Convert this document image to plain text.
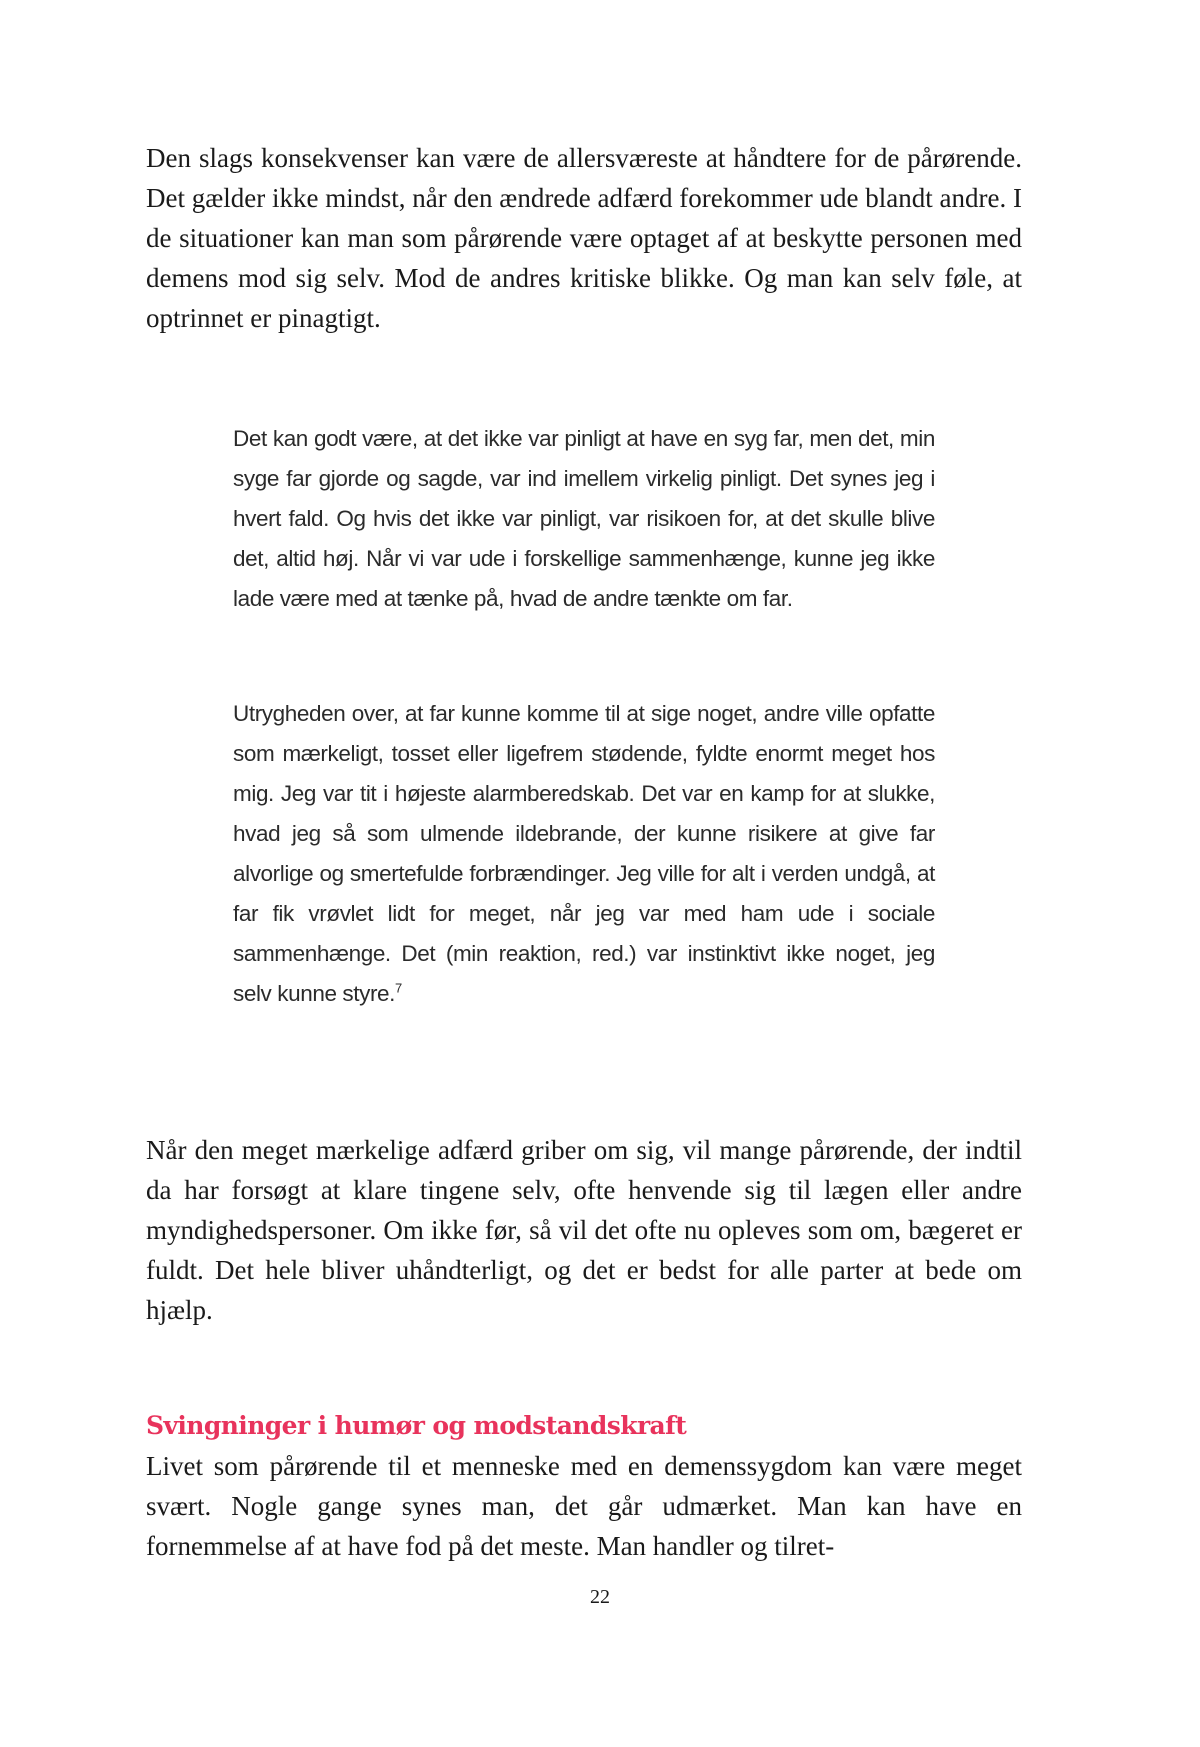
Den slags konsekvenser kan være de allersværeste at håndtere for de pårørende. Det gælder ikke mindst, når den ændrede adfærd forekommer ude blandt andre. I de situationer kan man som pårørende være optaget af at beskytte personen med demens mod sig selv. Mod de andres kritiske blikke. Og man kan selv føle, at optrinnet er pinagtigt.

Det kan godt være, at det ikke var pinligt at have en syg far, men det, min syge far gjorde og sagde, var ind imellem virkelig pinligt. Det synes jeg i hvert fald. Og hvis det ikke var pinligt, var risikoen for, at det skulle blive det, altid høj. Når vi var ude i forskellige sammenhænge, kunne jeg ikke lade være med at tænke på, hvad de andre tænkte om far.

Utrygheden over, at far kunne komme til at sige noget, andre ville opfatte som mærkeligt, tosset eller ligefrem stødende, fyldte enormt meget hos mig. Jeg var tit i højeste alarmberedskab. Det var en kamp for at slukke, hvad jeg så som ulmende ildebrande, der kunne risikere at give far alvorlige og smertefulde forbrændinger. Jeg ville for alt i verden undgå, at far fik vrøvlet lidt for meget, når jeg var med ham ude i sociale sammenhænge. Det (min reaktion, red.) var instinktivt ikke noget, jeg selv kunne styre.$^7$

Når den meget mærkelige adfærd griber om sig, vil mange pårørende, der indtil da har forsøgt at klare tingene selv, ofte henvende sig til lægen eller andre myndighedspersoner. Om ikke før, så vil det ofte nu opleves som om, bægeret er fuldt. Det hele bliver uhåndterligt, og det er bedst for alle parter at bede om hjælp.

Svingninger i humør og modstandskraft

Livet som pårørende til et menneske med en demenssygdom kan være meget svært. Nogle gange synes man, det går udmærket. Man kan have en fornemmelse af at have fod på det meste. Man handler og tilret-

22
